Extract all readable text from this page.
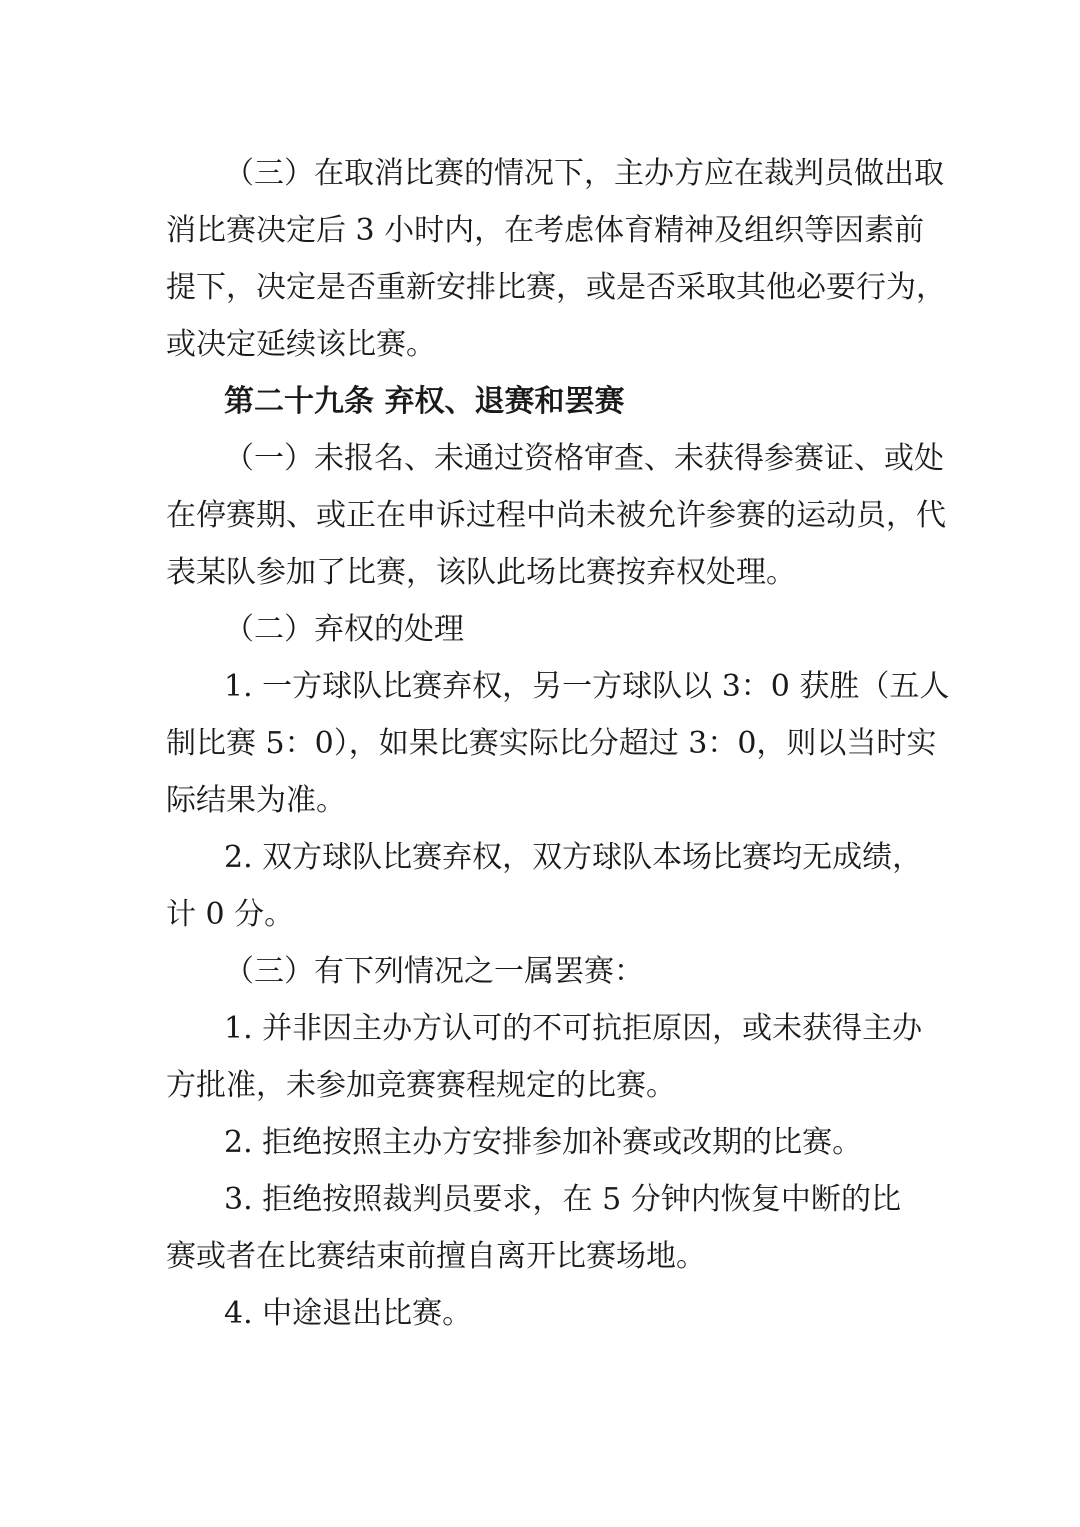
（三）在取消比赛的情况下，主办方应在裁判员做出取
消比赛决定后 3 小时内，在考虑体育精神及组织等因素前
提下，决定是否重新安排比赛，或是否采取其他必要行为，
或决定延续该比赛。
第二十九条 弃权、退赛和罢赛
（一）未报名、未通过资格审查、未获得参赛证、或处
在停赛期、或正在申诉过程中尚未被允许参赛的运动员，代
表某队参加了比赛，该队此场比赛按弃权处理。
（二）弃权的处理
1. 一方球队比赛弃权，另一方球队以 3：0 获胜（五人
制比赛 5：0），如果比赛实际比分超过 3：0，则以当时实
际结果为准。
2. 双方球队比赛弃权，双方球队本场比赛均无成绩，
计 0 分。
（三）有下列情况之一属罢赛：
1. 并非因主办方认可的不可抗拒原因，或未获得主办
方批准，未参加竞赛赛程规定的比赛。
2. 拒绝按照主办方安排参加补赛或改期的比赛。
3. 拒绝按照裁判员要求，在 5 分钟内恢复中断的比
赛或者在比赛结束前擅自离开比赛场地。
4. 中途退出比赛。
